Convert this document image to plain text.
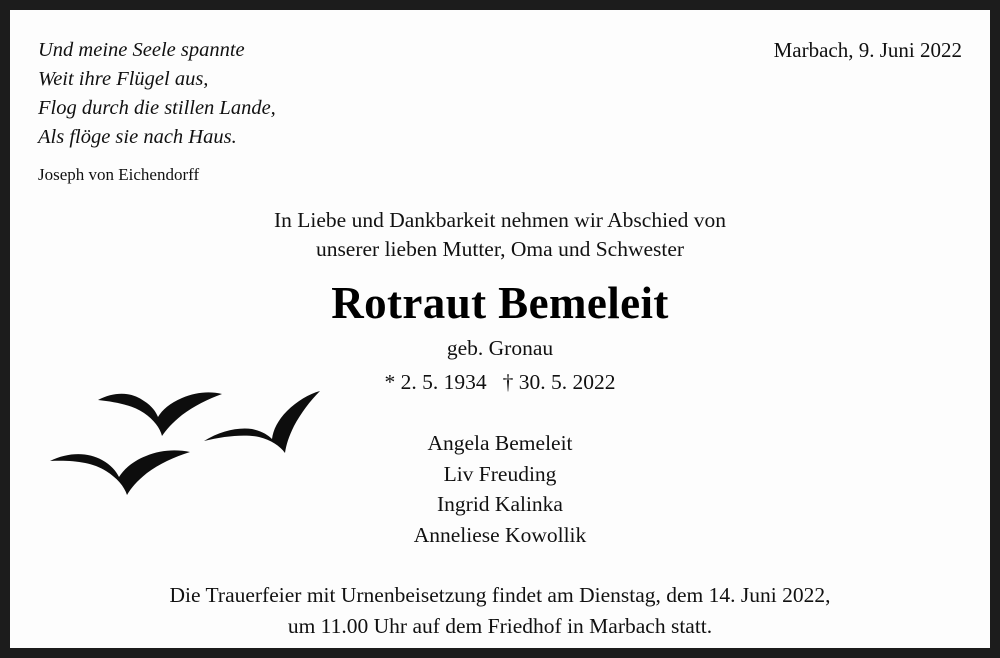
Und meine Seele spannte
Weit ihre Flügel aus,
Flog durch die stillen Lande,
Als flöge sie nach Haus.
Joseph von Eichendorff
Marbach, 9. Juni 2022
In Liebe und Dankbarkeit nehmen wir Abschied von
unserer lieben Mutter, Oma und Schwester
Rotraut Bemeleit
geb. Gronau
* 2. 5. 1934 † 30. 5. 2022
Angela Bemeleit
Liv Freuding
Ingrid Kalinka
Anneliese Kowollik
Die Trauerfeier mit Urnenbeisetzung findet am Dienstag, dem 14. Juni 2022,
um 11.00 Uhr auf dem Friedhof in Marbach statt.
